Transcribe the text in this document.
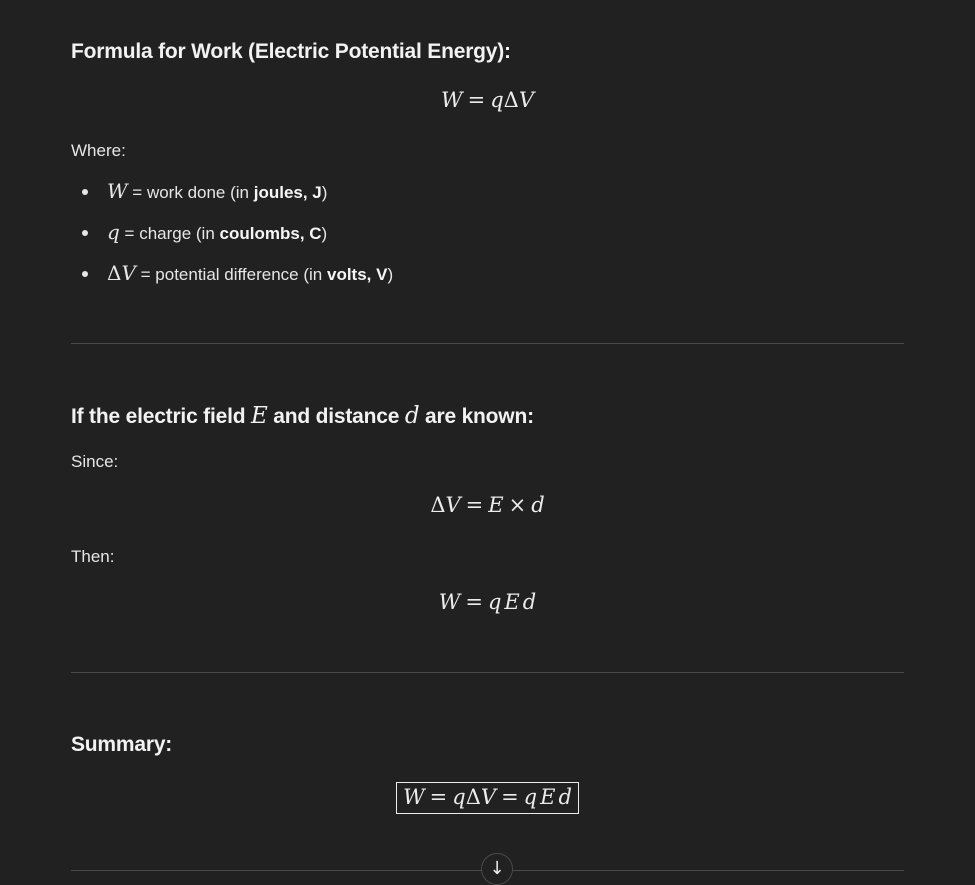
Formula for Work (Electric Potential Energy):
W = qΔV
Where:
W = work done (in joules, J)
q = charge (in coulombs, C)
ΔV = potential difference (in volts, V)
If the electric field E and distance d are known:
Since:
ΔV = E × d
Then:
W = q E d
Summary:
W = qΔV = q E d
↓
